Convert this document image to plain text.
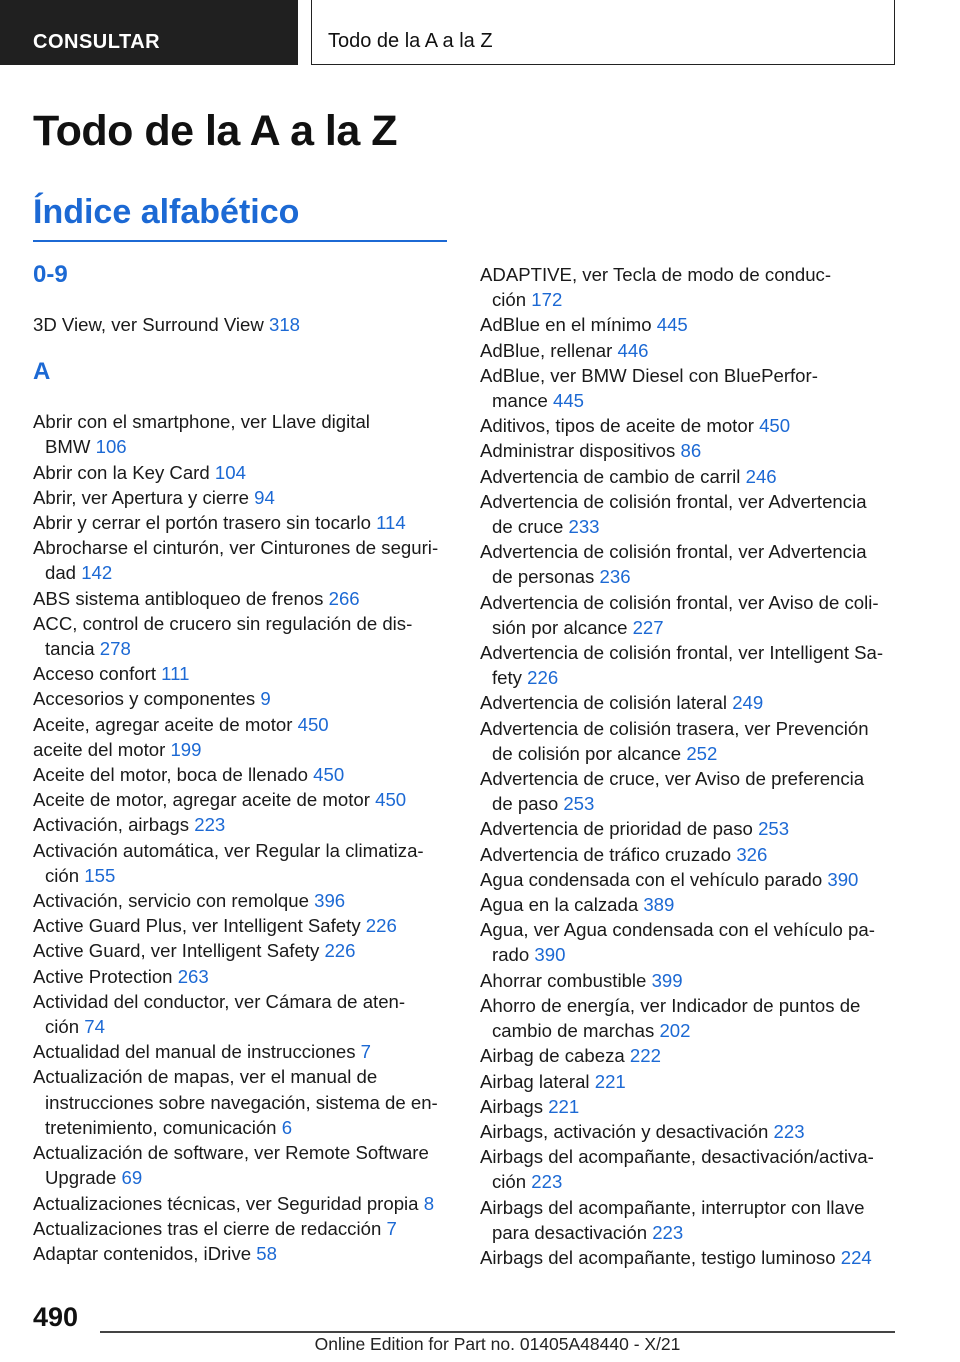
CONSULTAR	Todo de la A a la Z
Todo de la A a la Z
Índice alfabético
0-9
3D View, ver Surround View 318
A
Abrir con el smartphone, ver Llave digital
BMW 106
Abrir con la Key Card 104
Abrir, ver Apertura y cierre 94
Abrir y cerrar el portón trasero sin tocarlo 114
Abrocharse el cinturón, ver Cinturones de seguri-
dad 142
ABS sistema antibloqueo de frenos 266
ACC, control de crucero sin regulación de dis-
tancia 278
Acceso confort 111
Accesorios y componentes 9
Aceite, agregar aceite de motor 450
aceite del motor 199
Aceite del motor, boca de llenado 450
Aceite de motor, agregar aceite de motor 450
Activación, airbags 223
Activación automática, ver Regular la climatiza-
ción 155
Activación, servicio con remolque 396
Active Guard Plus, ver Intelligent Safety 226
Active Guard, ver Intelligent Safety 226
Active Protection 263
Actividad del conductor, ver Cámara de aten-
ción 74
Actualidad del manual de instrucciones 7
Actualización de mapas, ver el manual de
instrucciones sobre navegación, sistema de en-
tretenimiento, comunicación 6
Actualización de software, ver Remote Software
Upgrade 69
Actualizaciones técnicas, ver Seguridad propia 8
Actualizaciones tras el cierre de redacción 7
Adaptar contenidos, iDrive 58
ADAPTIVE, ver Tecla de modo de conduc-
ción 172
AdBlue en el mínimo 445
AdBlue, rellenar 446
AdBlue, ver BMW Diesel con BluePerfor-
mance 445
Aditivos, tipos de aceite de motor 450
Administrar dispositivos 86
Advertencia de cambio de carril 246
Advertencia de colisión frontal, ver Advertencia
de cruce 233
Advertencia de colisión frontal, ver Advertencia
de personas 236
Advertencia de colisión frontal, ver Aviso de coli-
sión por alcance 227
Advertencia de colisión frontal, ver Intelligent Sa-
fety 226
Advertencia de colisión lateral 249
Advertencia de colisión trasera, ver Prevención
de colisión por alcance 252
Advertencia de cruce, ver Aviso de preferencia
de paso 253
Advertencia de prioridad de paso 253
Advertencia de tráfico cruzado 326
Agua condensada con el vehículo parado 390
Agua en la calzada 389
Agua, ver Agua condensada con el vehículo pa-
rado 390
Ahorrar combustible 399
Ahorro de energía, ver Indicador de puntos de
cambio de marchas 202
Airbag de cabeza 222
Airbag lateral 221
Airbags 221
Airbags, activación y desactivación 223
Airbags del acompañante, desactivación/activa-
ción 223
Airbags del acompañante, interruptor con llave
para desactivación 223
Airbags del acompañante, testigo luminoso 224
490
Online Edition for Part no. 01405A48440 - X/21
